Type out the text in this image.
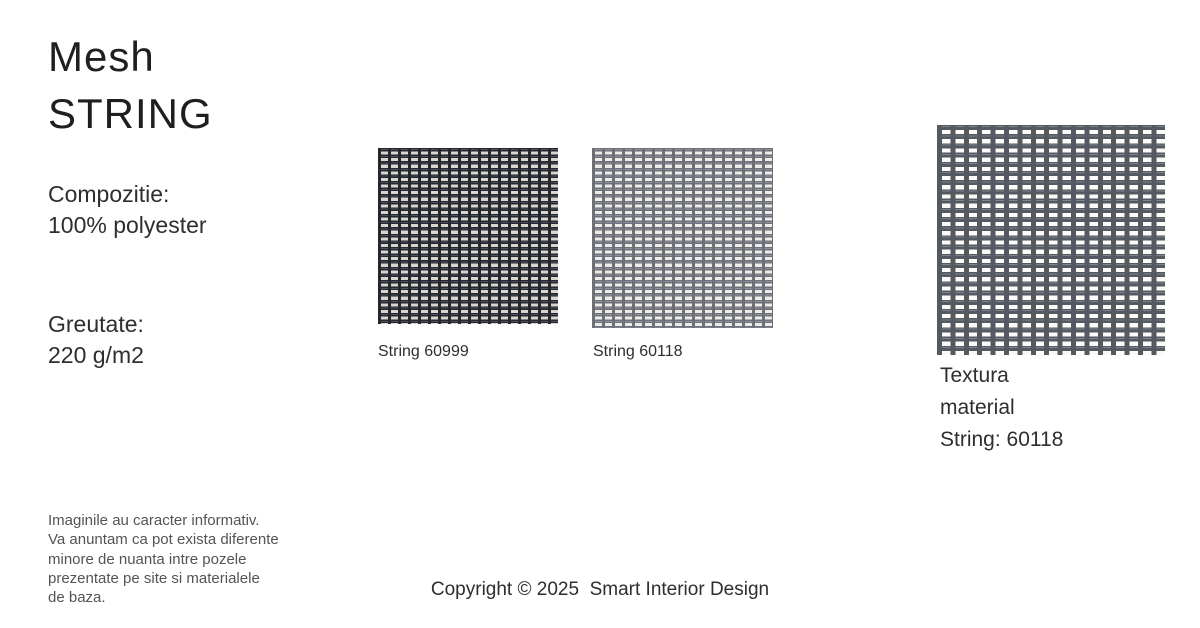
Mesh
STRING
Compozitie:
100% polyester
Greutate:
220 g/m2	String 60999	String 60118
Textura
material
String: 60118
Imaginile au caracter informativ.
Va anuntam ca pot exista diferente
minore de nuanta intre pozele
prezentate pe site si materialele
de baza.	Copyright © 2025  Smart Interior Design
